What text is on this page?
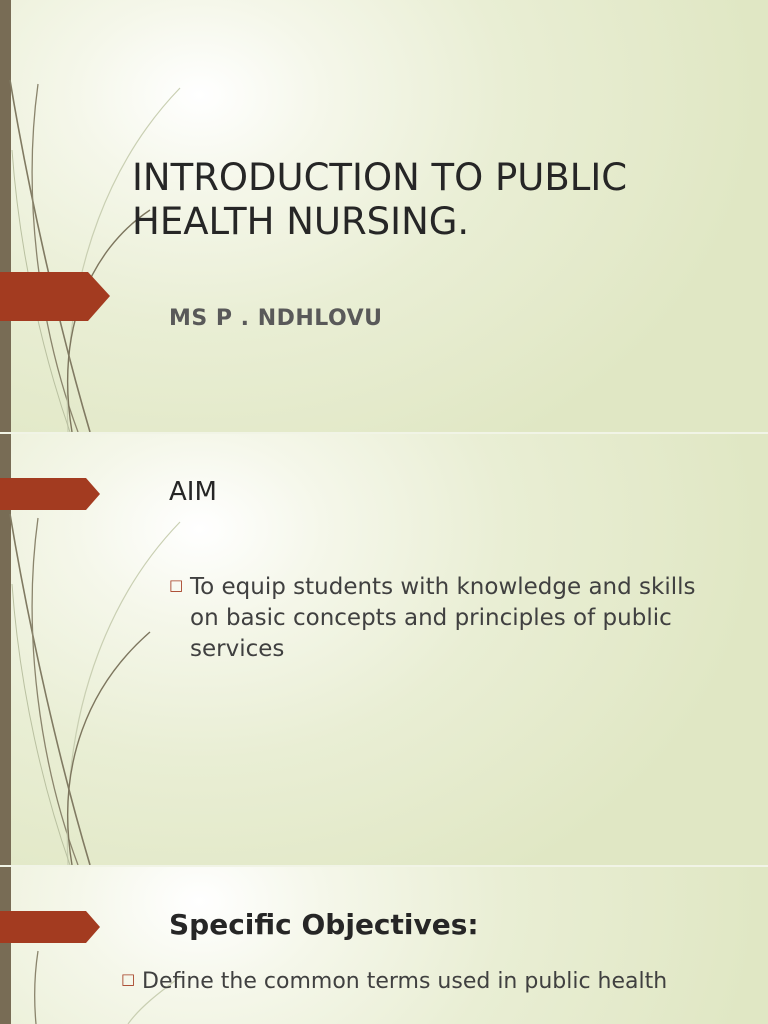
INTRODUCTION TO PUBLIC HEALTH NURSING.
MS P . NDHLOVU
AIM
□ To equip students with knowledge and skills on basic concepts and principles of public services
Specific Objectives:
□ Define the common terms used in public health
